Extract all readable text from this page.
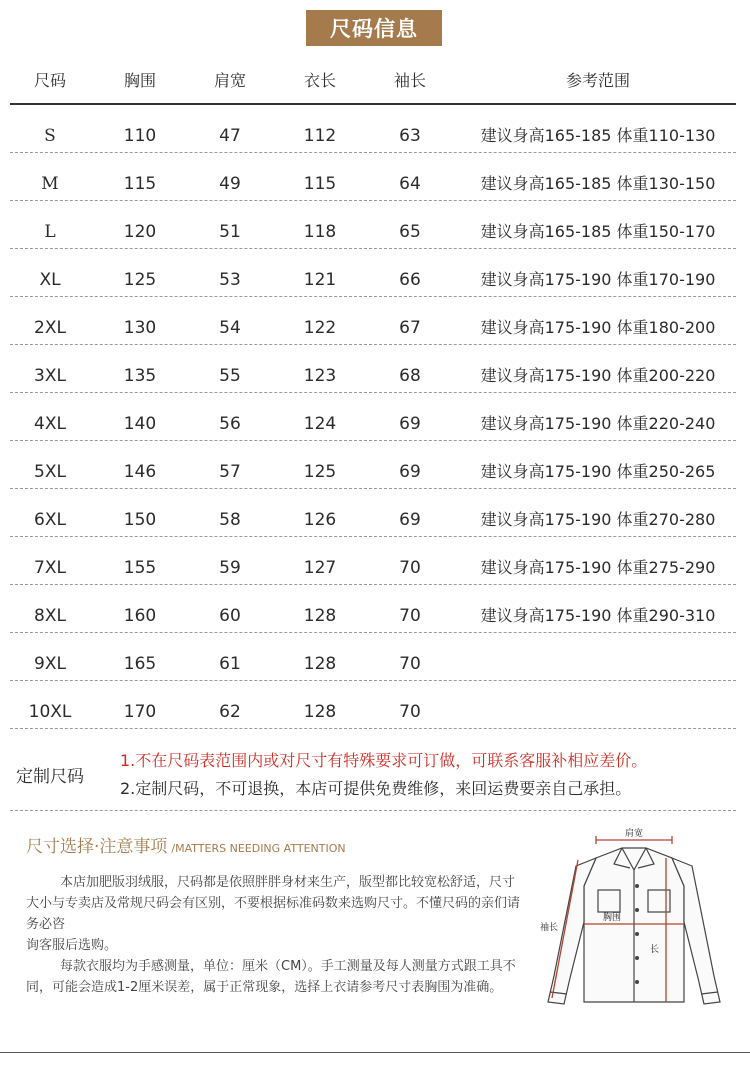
尺码信息
尺码	胸围	肩宽	衣长	袖长	参考范围
S	110	47	112	63	建议身高165-185 体重110-130
M	115	49	115	64	建议身高165-185 体重130-150
L	120	51	118	65	建议身高165-185 体重150-170
XL	125	53	121	66	建议身高175-190 体重170-190
2XL	130	54	122	67	建议身高175-190 体重180-200
3XL	135	55	123	68	建议身高175-190 体重200-220
4XL	140	56	124	69	建议身高175-190 体重220-240
5XL	146	57	125	69	建议身高175-190 体重250-265
6XL	150	58	126	69	建议身高175-190 体重270-280
7XL	155	59	127	70	建议身高175-190 体重275-290
8XL	160	60	128	70	建议身高175-190 体重290-310
9XL	165	61	128	70
10XL	170	62	128	70
定制尺码
1.不在尺码表范围内或对尺寸有特殊要求可订做，可联系客服补相应差价。
2.定制尺码，不可退换，本店可提供免费维修，来回运费要亲自己承担。
尺寸选择·注意事项 /MATTERS NEEDING ATTENTION

本店加肥版羽绒服，尺码都是依照胖胖身材来生产，版型都比较宽松舒适，尺寸大小与专卖店及常规尺码会有区别，不要根据标准码数来选购尺寸。不懂尺码的亲们请务必咨

询客服后选购。

每款衣服均为手感测量，单位：厘米（CM）。手工测量及每人测量方式跟工具不同，可能会造成1-2厘米误差，属于正常现象，选择上衣请参考尺寸表胸围为准确。

肩宽
胸围
袖长
长
